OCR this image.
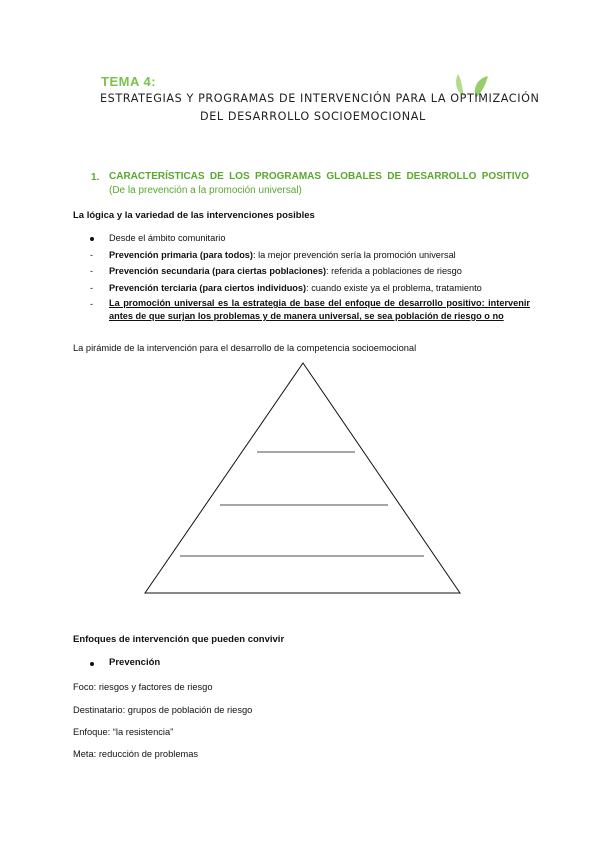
TEMA 4:
ESTRATEGIAS Y PROGRAMAS DE INTERVENCIÓN PARA LA OPTIMIZACIÓN
DEL DESARROLLO SOCIOEMOCIONAL
1. CARACTERÍSTICAS DE LOS PROGRAMAS GLOBALES DE DESARROLLO POSITIVO (De la prevención a la promoción universal)
La lógica y la variedad de las intervenciones posibles
Desde el ámbito comunitario
-	Prevención primaria (para todos): la mejor prevención sería la promoción universal
-	Prevención secundaria (para ciertas poblaciones): referida a poblaciones de riesgo
-	Prevención terciaria (para ciertos individuos): cuando existe ya el problema, tratamiento
-	La promoción universal es la estrategia de base del enfoque de desarrollo positivo: intervenir antes de que surjan los problemas y de manera universal, se sea población de riesgo o no
La pirámide de la intervención para el desarrollo de la competencia socioemocional
Enfoques de intervención que pueden convivir
Prevención
Foco: riesgos y factores de riesgo
Destinatario: grupos de población de riesgo
Enfoque: “la resistencia”
Meta: reducción de problemas
